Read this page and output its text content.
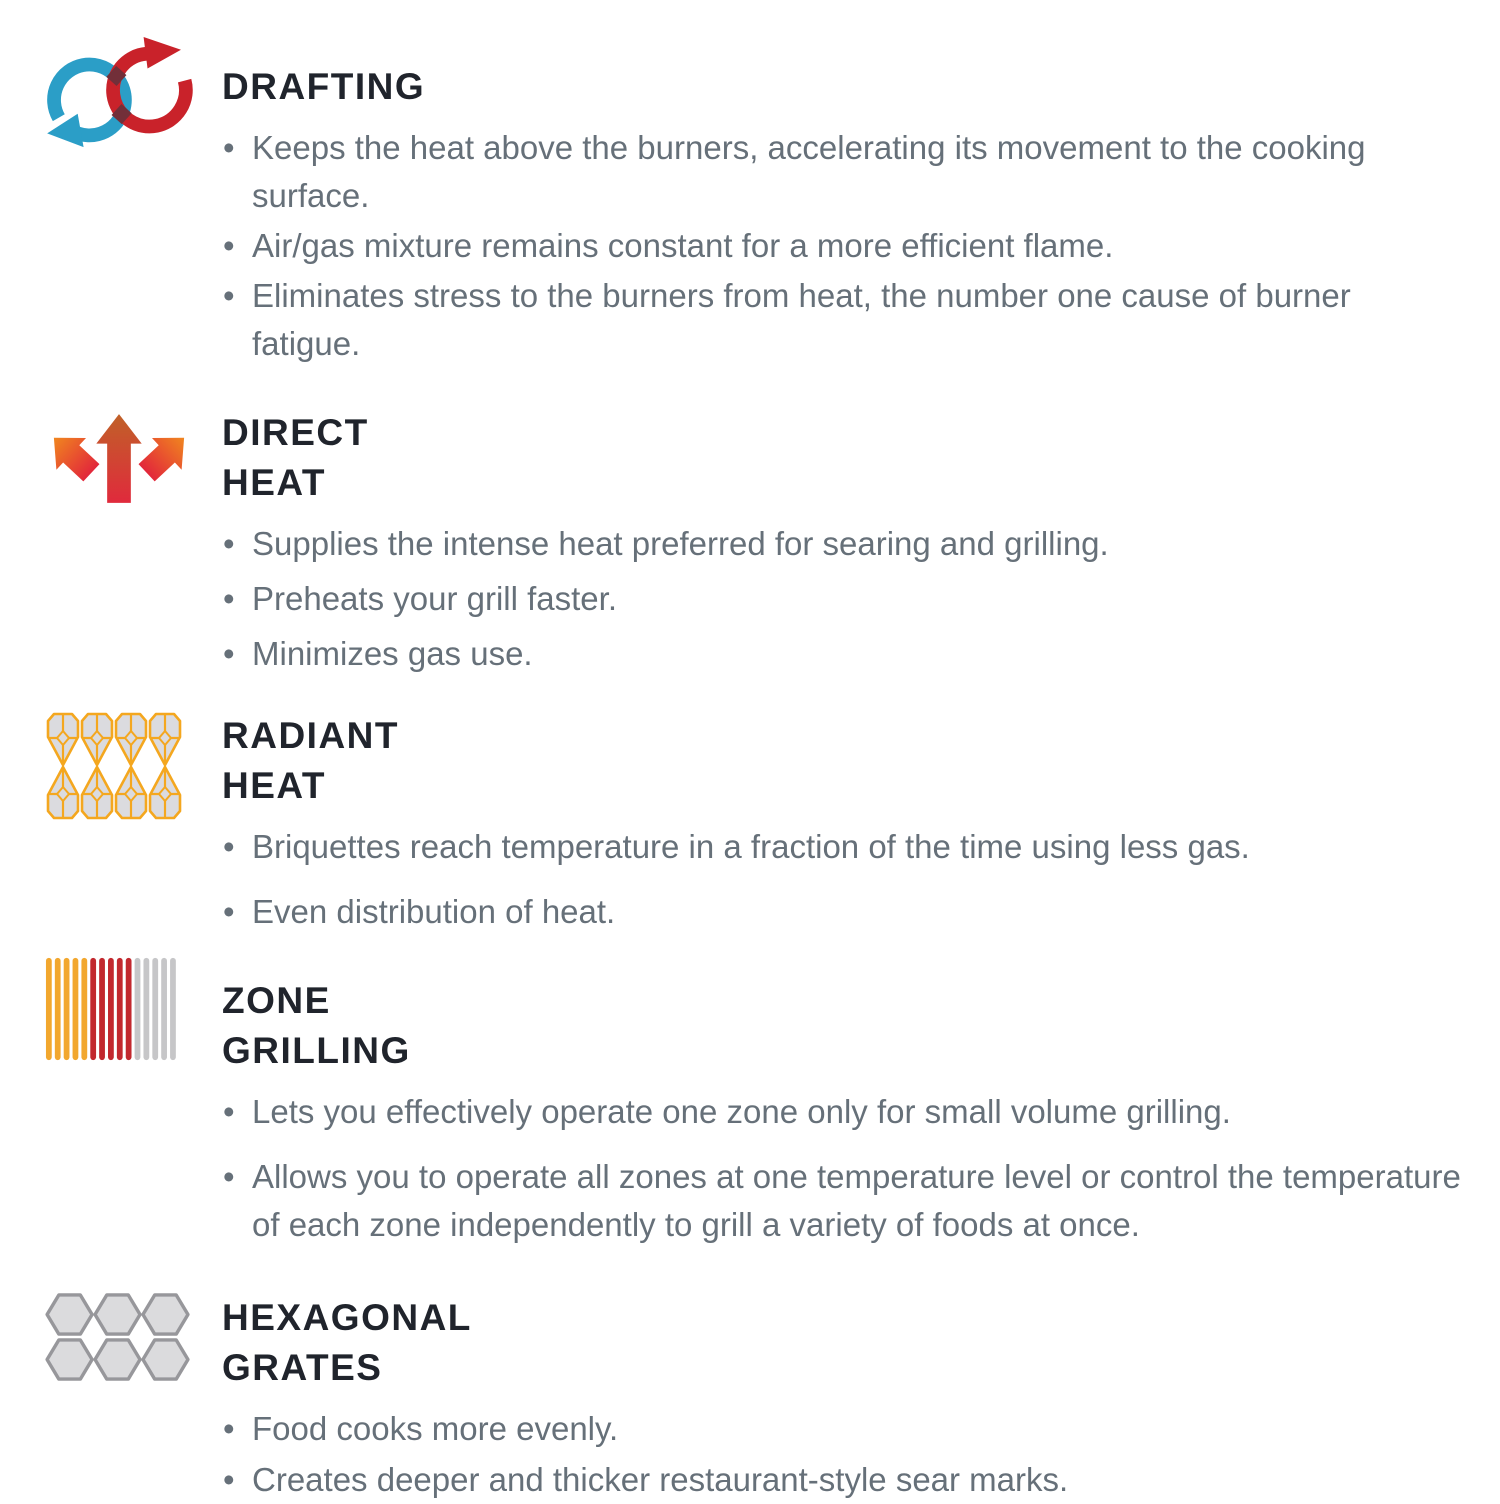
DRAFTING
• Keeps the heat above the burners, accelerating its movement to the cooking surface.
• Air/gas mixture remains constant for a more efficient flame.
• Eliminates stress to the burners from heat, the number one cause of burner fatigue.
DIRECT
HEAT
• Supplies the intense heat preferred for searing and grilling.
• Preheats your grill faster.
• Minimizes gas use.
RADIANT
HEAT
• Briquettes reach temperature in a fraction of the time using less gas.
• Even distribution of heat.
ZONE
GRILLING
• Lets you effectively operate one zone only for small volume grilling.
• Allows you to operate all zones at one temperature level or control the temperature of each zone independently to grill a variety of foods at once.
HEXAGONAL
GRATES
• Food cooks more evenly.
• Creates deeper and thicker restaurant-style sear marks.
